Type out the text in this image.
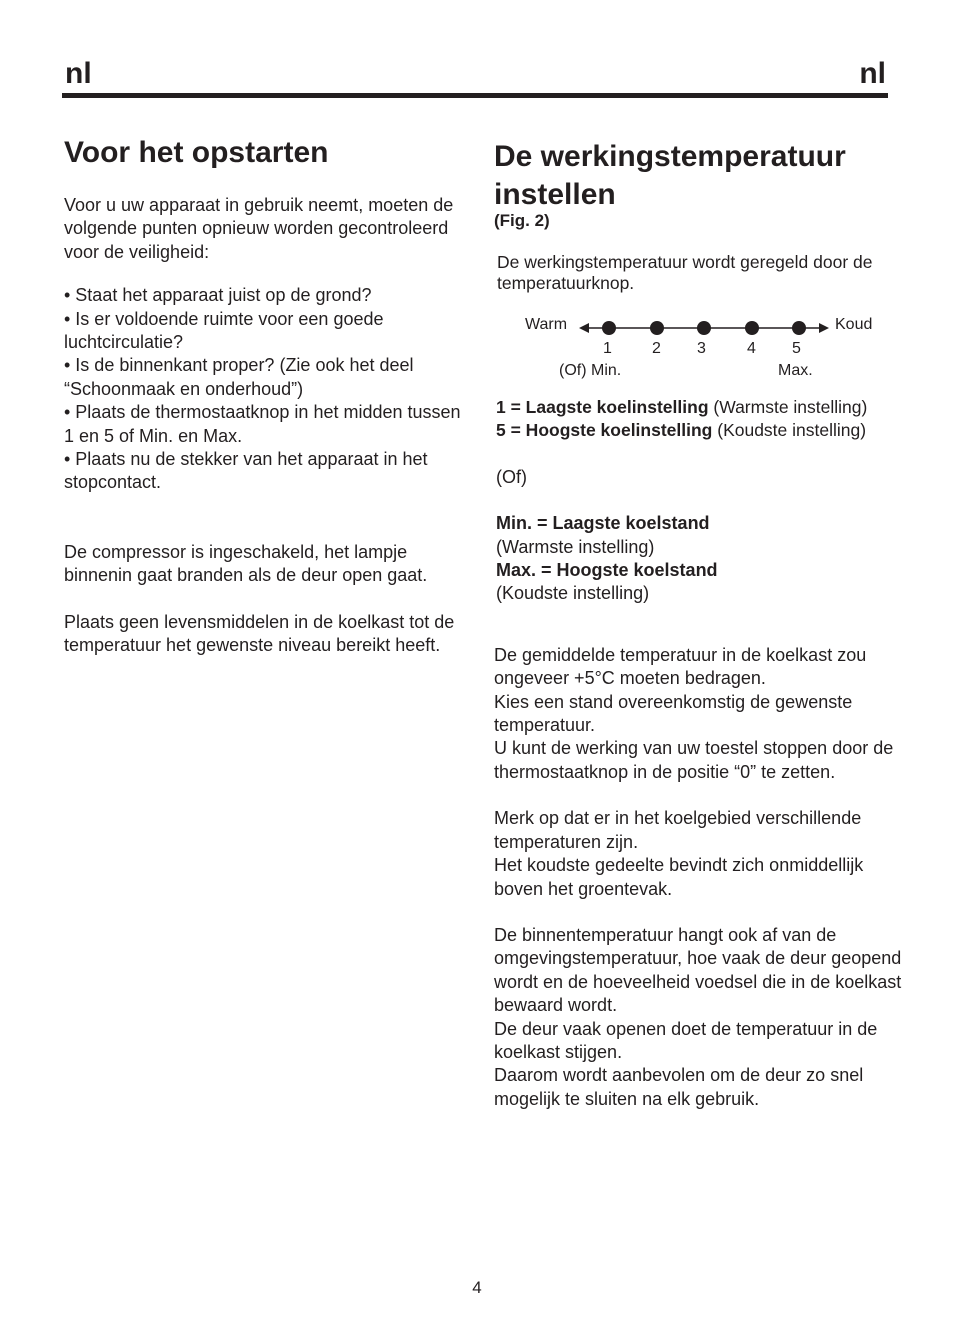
nl	nl
Voor het opstarten

Voor u uw apparaat in gebruik neemt, moeten de volgende punten opnieuw worden gecontroleerd voor de veiligheid:

• Staat het apparaat juist op de grond?

• Is er voldoende ruimte voor een goede luchtcirculatie?

• Is de binnenkant proper? (Zie ook het deel “Schoonmaak en onderhoud”)

• Plaats de thermostaatknop in het midden tussen 1 en 5 of Min. en Max.

• Plaats nu de stekker van het apparaat in het stopcontact.

De compressor is ingeschakeld, het lampje binnenin gaat branden als de deur open gaat.

Plaats geen levensmiddelen in de koelkast tot de temperatuur het gewenste niveau bereikt heeft.

De werkingstemperatuur instellen
(Fig. 2)

De werkingstemperatuur wordt geregeld door de temperatuurknop.

Warm	Koud
1	2 3	4 5
(Of) Min.	Max.

1 = Laagste koelinstelling (Warmste instelling)

5 = Hoogste koelinstelling (Koudste instelling)

(Of)

Min. = Laagste koelstand

(Warmste instelling)

Max. = Hoogste koelstand

(Koudste instelling)

De gemiddelde temperatuur in de koelkast zou ongeveer +5°C moeten bedragen.

Kies een stand overeenkomstig de gewenste temperatuur.

U kunt de werking van uw toestel stoppen door de thermostaatknop in de positie “0” te zetten.

Merk op dat er in het koelgebied verschillende temperaturen zijn.

Het koudste gedeelte bevindt zich onmiddellijk boven het groentevak.

De binnentemperatuur hangt ook af van de omgevingstemperatuur, hoe vaak de deur geopend wordt en de hoeveelheid voedsel die in de koelkast bewaard wordt.

De deur vaak openen doet de temperatuur in de koelkast stijgen.

Daarom wordt aanbevolen om de deur zo snel mogelijk te sluiten na elk gebruik.

4
